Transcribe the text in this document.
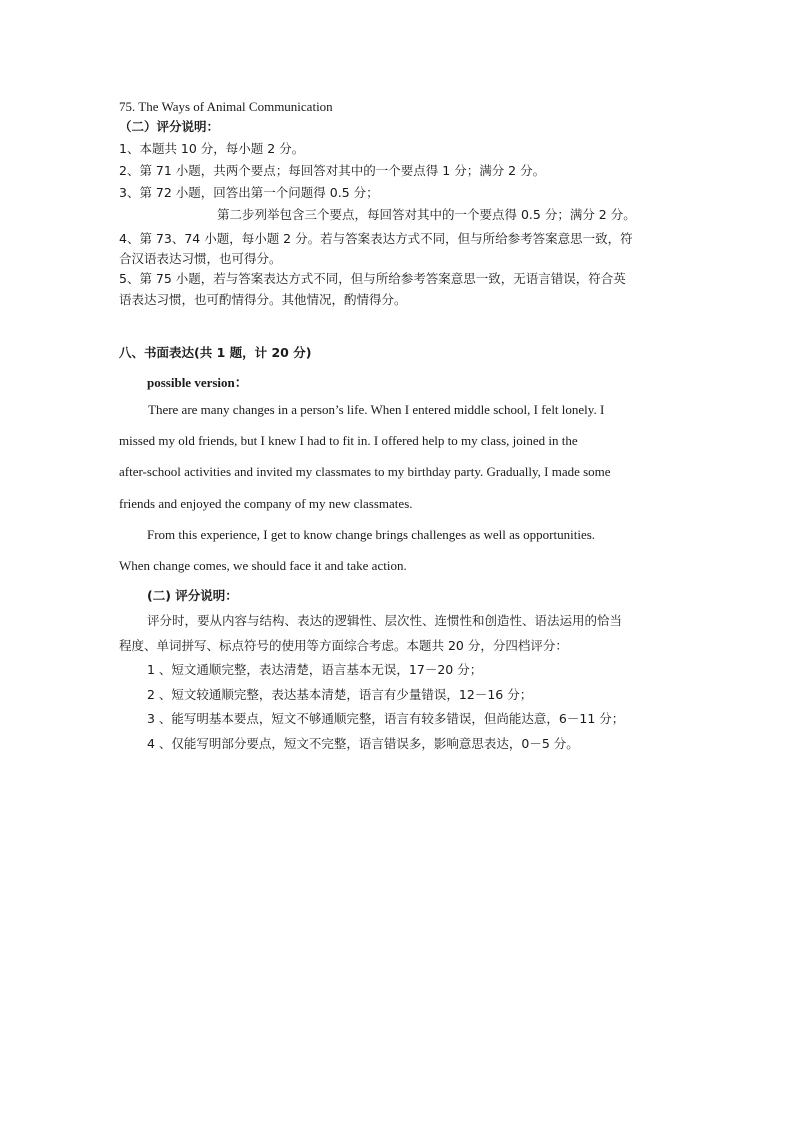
75. The Ways of Animal Communication
（二）评分说明：
1、本题共 10 分，每小题 2 分。
2、第 71 小题，共两个要点；每回答对其中的一个要点得 1 分；满分 2 分。
3、第 72 小题，回答出第一个问题得 0.5 分；
第二步列举包含三个要点，每回答对其中的一个要点得 0.5 分；满分 2 分。
4、第 73、74 小题，每小题 2 分。若与答案表达方式不同，但与所给参考答案意思一致，符
合汉语表达习惯，也可得分。
5、第 75 小题，若与答案表达方式不同，但与所给参考答案意思一致，无语言错误，符合英
语表达习惯，也可酌情得分。其他情况，酌情得分。
八、书面表达(共 1 题，计 20 分)
possible version：
There are many changes in a person’s life. When I entered middle school, I felt lonely. I
missed my old friends, but I knew I had to fit in. I offered help to my class, joined in the
after-school activities and invited my classmates to my birthday party. Gradually, I made some
friends and enjoyed the company of my new classmates.
From this experience, I get to know change brings challenges as well as opportunities.
When change comes, we should face it and take action.
(二) 评分说明：
评分时，要从内容与结构、表达的逻辑性、层次性、连惯性和创造性、语法运用的恰当
程度、单词拼写、标点符号的使用等方面综合考虑。本题共 20 分，分四档评分：
1 、短文通顺完整，表达清楚，语言基本无误，17－20 分；
2 、短文较通顺完整，表达基本清楚，语言有少量错误，12－16 分；
3 、能写明基本要点，短文不够通顺完整，语言有较多错误，但尚能达意，6－11 分；
4 、仅能写明部分要点，短文不完整，语言错误多，影响意思表达，0－5 分。
